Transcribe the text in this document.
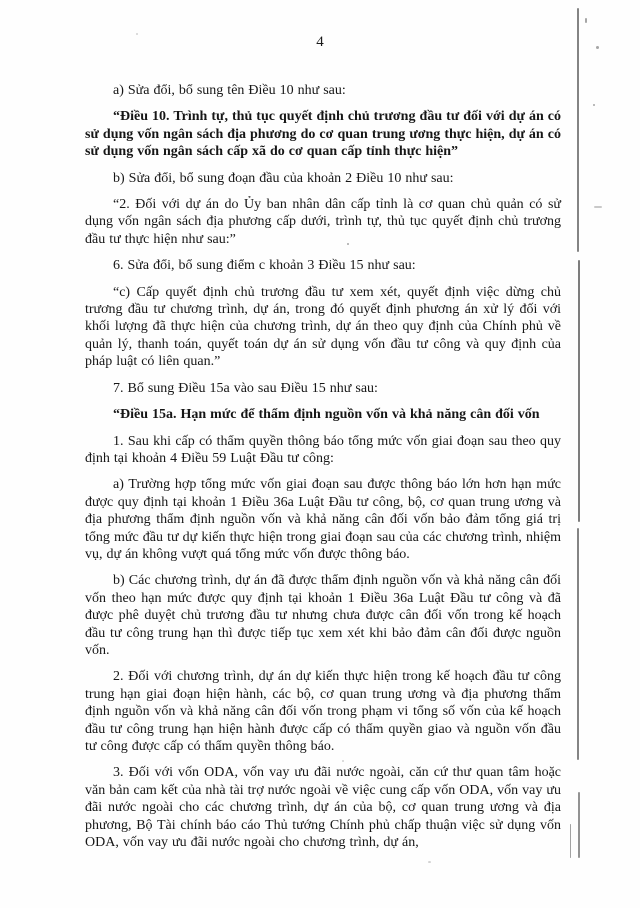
4

a) Sửa đổi, bổ sung tên Điều 10 như sau:

“Điều 10. Trình tự, thủ tục quyết định chủ trương đầu tư đối với dự án có sử dụng vốn ngân sách địa phương do cơ quan trung ương thực hiện, dự án có sử dụng vốn ngân sách cấp xã do cơ quan cấp tỉnh thực hiện”

b) Sửa đổi, bổ sung đoạn đầu của khoản 2 Điều 10 như sau:

“2. Đối với dự án do Ủy ban nhân dân cấp tỉnh là cơ quan chủ quản có sử dụng vốn ngân sách địa phương cấp dưới, trình tự, thủ tục quyết định chủ trương đầu tư thực hiện như sau:”

6. Sửa đổi, bổ sung điểm c khoản 3 Điều 15 như sau:

“c) Cấp quyết định chủ trương đầu tư xem xét, quyết định việc dừng chủ trương đầu tư chương trình, dự án, trong đó quyết định phương án xử lý đối với khối lượng đã thực hiện của chương trình, dự án theo quy định của Chính phủ về quản lý, thanh toán, quyết toán dự án sử dụng vốn đầu tư công và quy định của pháp luật có liên quan.”

7. Bổ sung Điều 15a vào sau Điều 15 như sau:

“Điều 15a. Hạn mức để thẩm định nguồn vốn và khả năng cân đối vốn

1. Sau khi cấp có thẩm quyền thông báo tổng mức vốn giai đoạn sau theo quy định tại khoản 4 Điều 59 Luật Đầu tư công:

a) Trường hợp tổng mức vốn giai đoạn sau được thông báo lớn hơn hạn mức được quy định tại khoản 1 Điều 36a Luật Đầu tư công, bộ, cơ quan trung ương và địa phương thẩm định nguồn vốn và khả năng cân đối vốn bảo đảm tổng giá trị tổng mức đầu tư dự kiến thực hiện trong giai đoạn sau của các chương trình, nhiệm vụ, dự án không vượt quá tổng mức vốn được thông báo.

b) Các chương trình, dự án đã được thẩm định nguồn vốn và khả năng cân đối vốn theo hạn mức được quy định tại khoản 1 Điều 36a Luật Đầu tư công và đã được phê duyệt chủ trương đầu tư nhưng chưa được cân đối vốn trong kế hoạch đầu tư công trung hạn thì được tiếp tục xem xét khi bảo đảm cân đối được nguồn vốn.

2. Đối với chương trình, dự án dự kiến thực hiện trong kế hoạch đầu tư công trung hạn giai đoạn hiện hành, các bộ, cơ quan trung ương và địa phương thẩm định nguồn vốn và khả năng cân đối vốn trong phạm vi tổng số vốn của kế hoạch đầu tư công trung hạn hiện hành được cấp có thẩm quyền giao và nguồn vốn đầu tư công được cấp có thẩm quyền thông báo.

3. Đối với vốn ODA, vốn vay ưu đãi nước ngoài, căn cứ thư quan tâm hoặc văn bản cam kết của nhà tài trợ nước ngoài về việc cung cấp vốn ODA, vốn vay ưu đãi nước ngoài cho các chương trình, dự án của bộ, cơ quan trung ương và địa phương, Bộ Tài chính báo cáo Thủ tướng Chính phủ chấp thuận việc sử dụng vốn ODA, vốn vay ưu đãi nước ngoài cho chương trình, dự án,
